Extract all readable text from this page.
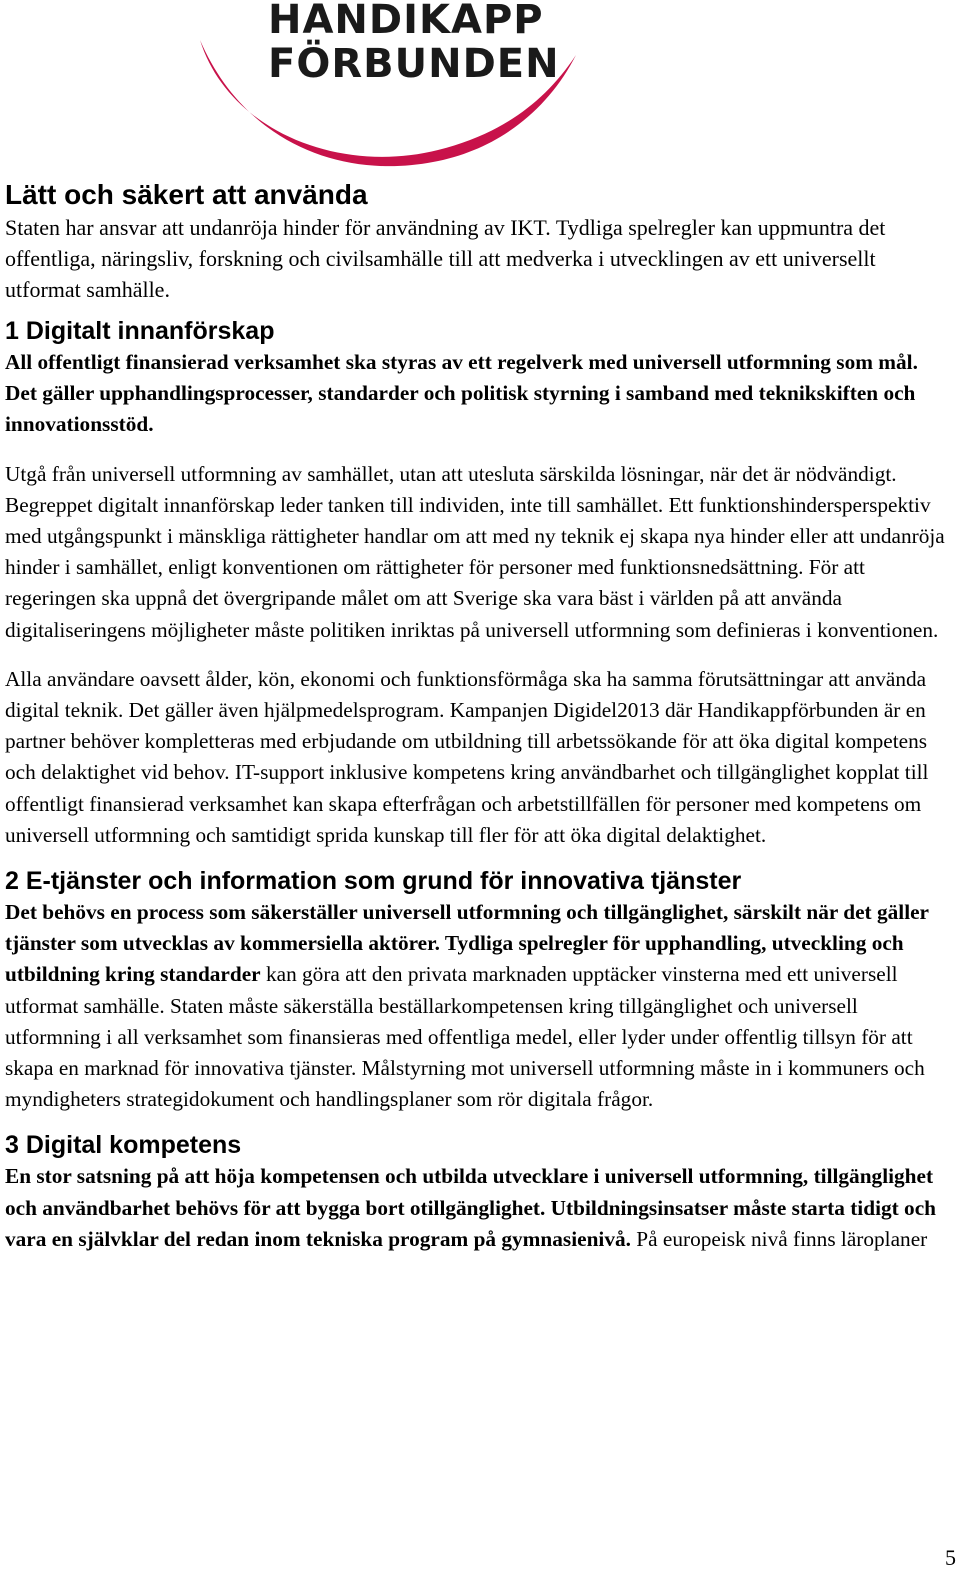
HANDIKAPP

FÖRBUNDEN

Lätt och säkert att använda

Staten har ansvar att undanröja hinder för användning av IKT. Tydliga spelregler kan uppmuntra det offentliga, näringsliv, forskning och civilsamhälle till att medverka i utvecklingen av ett universellt utformat samhälle.

1 Digitalt innanförskap

All offentligt finansierad verksamhet ska styras av ett regelverk med universell utformning som mål. Det gäller upphandlingsprocesser, standarder och politisk styrning i samband med teknikskiften och innovationsstöd.

Utgå från universell utformning av samhället, utan att utesluta särskilda lösningar, när det är nödvändigt. Begreppet digitalt innanförskap leder tanken till individen, inte till samhället. Ett funktionshindersperspektiv med utgångspunkt i mänskliga rättigheter handlar om att med ny teknik ej skapa nya hinder eller att undanröja hinder i samhället, enligt konventionen om rättigheter för personer med funktionsnedsättning. För att regeringen ska uppnå det övergripande målet om att Sverige ska vara bäst i världen på att använda digitaliseringens möjligheter måste politiken inriktas på universell utformning som definieras i konventionen.

Alla användare oavsett ålder, kön, ekonomi och funktionsförmåga ska ha samma förutsättningar att använda digital teknik. Det gäller även hjälpmedelsprogram. Kampanjen Digidel2013 där Handikappförbunden är en partner behöver kompletteras med erbjudande om utbildning till arbetssökande för att öka digital kompetens och delaktighet vid behov. IT-support inklusive kompetens kring användbarhet och tillgänglighet kopplat till offentligt finansierad verksamhet kan skapa efterfrågan och arbetstillfällen för personer med kompetens om universell utformning och samtidigt sprida kunskap till fler för att öka digital delaktighet.

2 E-tjänster och information som grund för innovativa tjänster

Det behövs en process som säkerställer universell utformning och tillgänglighet, särskilt när det gäller tjänster som utvecklas av kommersiella aktörer. Tydliga spelregler för upphandling, utveckling och utbildning kring standarder kan göra att den privata marknaden upptäcker vinsterna med ett universell utformat samhälle. Staten måste säkerställa beställarkompetensen kring tillgänglighet och universell utformning i all verksamhet som finansieras med offentliga medel, eller lyder under offentlig tillsyn för att skapa en marknad för innovativa tjänster. Målstyrning mot universell utformning måste in i kommuners och myndigheters strategidokument och handlingsplaner som rör digitala frågor.

3 Digital kompetens

En stor satsning på att höja kompetensen och utbilda utvecklare i universell utformning, tillgänglighet och användbarhet behövs för att bygga bort otillgänglighet. Utbildningsinsatser måste starta tidigt och vara en självklar del redan inom tekniska program på gymnasienivå. På europeisk nivå finns läroplaner

5
